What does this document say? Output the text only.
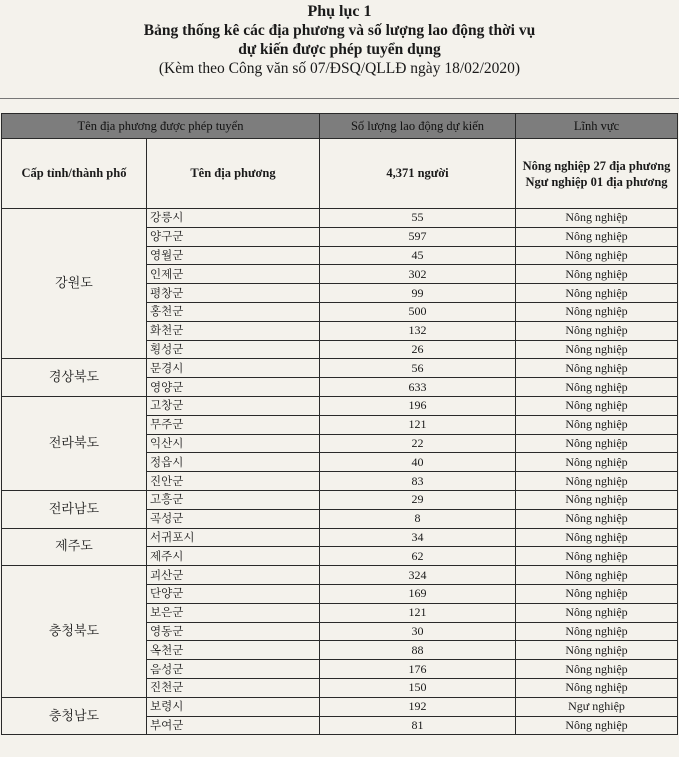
Phụ lục 1
Bảng thống kê các địa phương và số lượng lao động thời vụ
dự kiến được phép tuyển dụng
(Kèm theo Công văn số 07/ĐSQ/QLLĐ ngày 18/02/2020)
Tên địa phương được phép tuyển		Số lượng lao động dự kiến	Lĩnh vực
Cấp tỉnh/thành phố	Tên địa phương	4,371 người	Nông nghiệp 27 địa phương Ngư nghiệp 01 địa phương
강원도	강릉시	55	Nông nghiệp
	양구군	597	Nông nghiệp
	영월군	45	Nông nghiệp
	인제군	302	Nông nghiệp
	평창군	99	Nông nghiệp
	홍천군	500	Nông nghiệp
	화천군	132	Nông nghiệp
	횡성군	26	Nông nghiệp
경상북도	문경시	56	Nông nghiệp
	영양군	633	Nông nghiệp
전라북도	고창군	196	Nông nghiệp
	무주군	121	Nông nghiệp
	익산시	22	Nông nghiệp
	정읍시	40	Nông nghiệp
	진안군	83	Nông nghiệp
전라남도	고흥군	29	Nông nghiệp
	곡성군	8	Nông nghiệp
제주도	서귀포시	34	Nông nghiệp
	제주시	62	Nông nghiệp
충청북도	괴산군	324	Nông nghiệp
	단양군	169	Nông nghiệp
	보은군	121	Nông nghiệp
	영동군	30	Nông nghiệp
	옥천군	88	Nông nghiệp
	음성군	176	Nông nghiệp
	진천군	150	Nông nghiệp
충청남도	보령시	192	Ngư nghiệp
	부여군	81	Nông nghiệp
